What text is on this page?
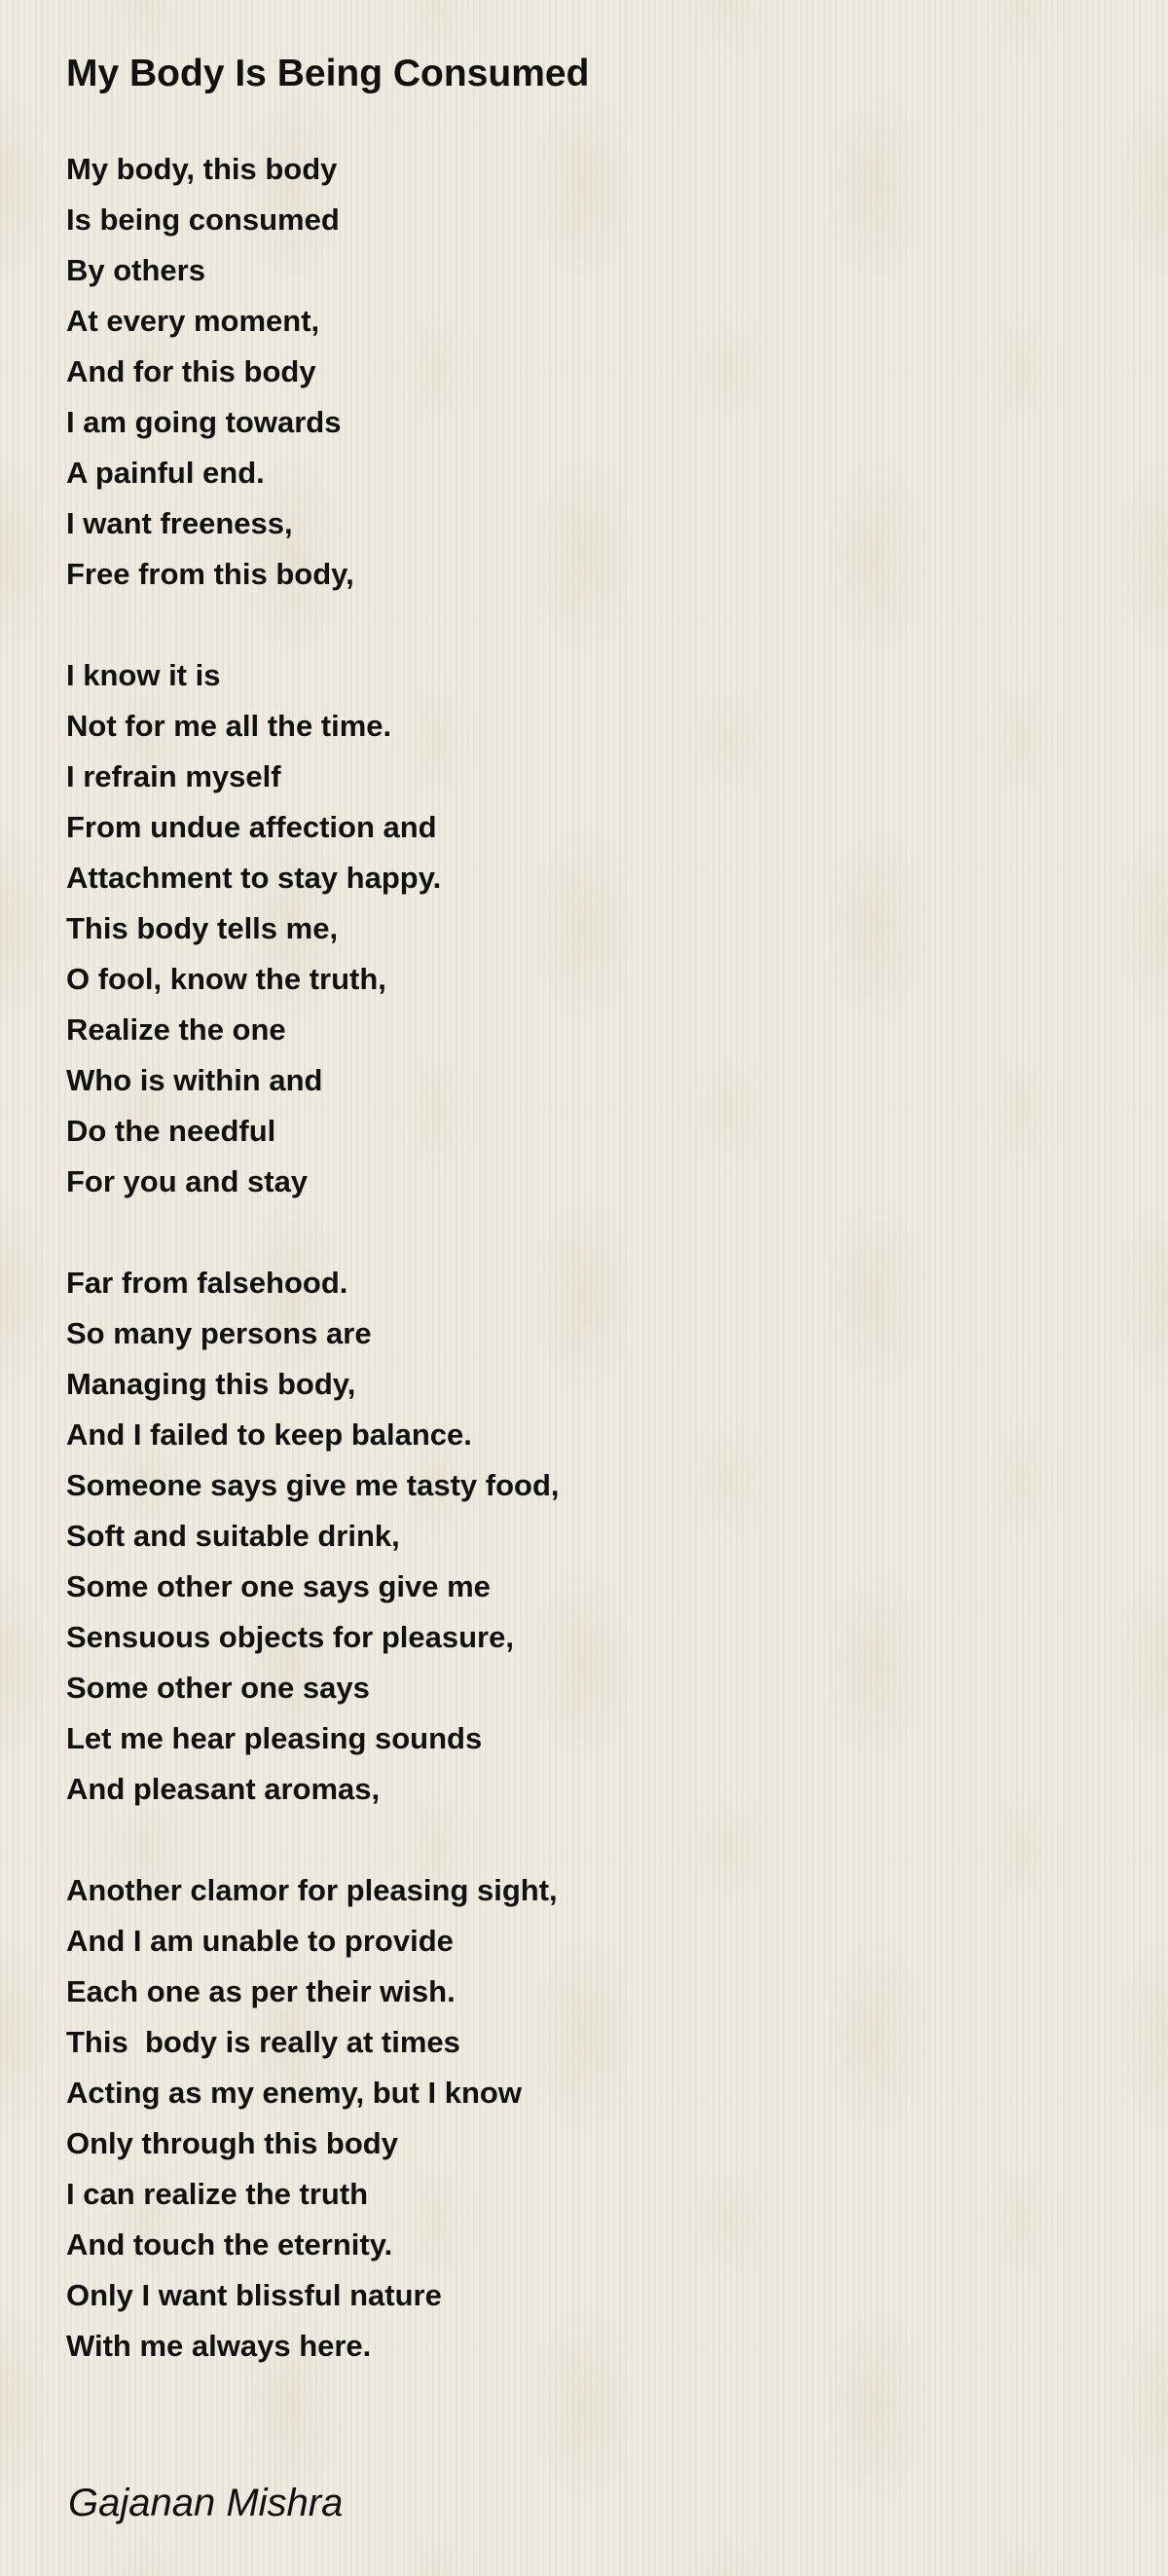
My Body Is Being Consumed
My body, this body
Is being consumed
By others
At every moment,
And for this body
I am going towards
A painful end.
I want freeness,
Free from this body,
I know it is
Not for me all the time.
I refrain myself
From undue affection and
Attachment to stay happy.
This body tells me,
O fool, know the truth,
Realize the one
Who is within and
Do the needful
For you and stay
Far from falsehood.
So many persons are
Managing this body,
And I failed to keep balance.
Someone says give me tasty food,
Soft and suitable drink,
Some other one says give me
Sensuous objects for pleasure,
Some other one says
Let me hear pleasing sounds
And pleasant aromas,
Another clamor for pleasing sight,
And I am unable to provide
Each one as per their wish.
This  body is really at times
Acting as my enemy, but I know
Only through this body
I can realize the truth
And touch the eternity.
Only I want blissful nature
With me always here.
Gajanan Mishra
